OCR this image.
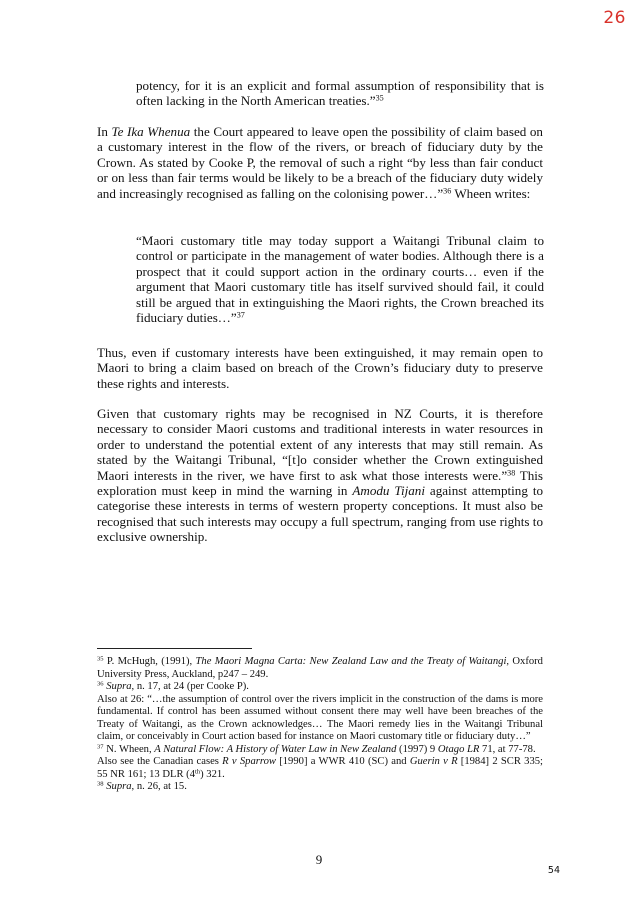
26

potency, for it is an explicit and formal assumption of responsibility that is often lacking in the North American treaties.”$^{35}$

In Te Ika Whenua the Court appeared to leave open the possibility of claim based on a customary interest in the flow of the rivers, or breach of fiduciary duty by the Crown. As stated by Cooke P, the removal of such a right “by less than fair conduct or on less than fair terms would be likely to be a breach of the fiduciary duty widely and increasingly recognised as falling on the colonising power…”$^{36}$ Wheen writes:

“Maori customary title may today support a Waitangi Tribunal claim to control or participate in the management of water bodies. Although there is a prospect that it could support action in the ordinary courts… even if the argument that Maori customary title has itself survived should fail, it could still be argued that in extinguishing the Maori rights, the Crown breached its fiduciary duties…”$^{37}$

Thus, even if customary interests have been extinguished, it may remain open to Maori to bring a claim based on breach of the Crown’s fiduciary duty to preserve these rights and interests.

Given that customary rights may be recognised in NZ Courts, it is therefore necessary to consider Maori customs and traditional interests in water resources in order to understand the potential extent of any interests that may still remain. As stated by the Waitangi Tribunal, “[t]o consider whether the Crown extinguished Maori interests in the river, we have first to ask what those interests were.”$^{38}$ This exploration must keep in mind the warning in Amodu Tijani against attempting to categorise these interests in terms of western property conceptions. It must also be recognised that such interests may occupy a full spectrum, ranging from use rights to exclusive ownership.

$^{35}$ P. McHugh, (1991), The Maori Magna Carta: New Zealand Law and the Treaty of Waitangi, Oxford University Press, Auckland, p247 – 249.

$^{36}$ Supra, n. 17, at 24 (per Cooke P).

Also at 26: “…the assumption of control over the rivers implicit in the construction of the dams is more fundamental. If control has been assumed without consent there may well have been breaches of the Treaty of Waitangi, as the Crown acknowledges… The Maori remedy lies in the Waitangi Tribunal claim, or conceivably in Court action based for instance on Maori customary title or fiduciary duty…”

$^{37}$ N. Wheen, A Natural Flow: A History of Water Law in New Zealand (1997) 9 Otago LR 71, at 77-78.

Also see the Canadian cases R v Sparrow [1990] a WWR 410 (SC) and Guerin v R [1984] 2 SCR 335; 55 NR 161; 13 DLR (4th) 321.

$^{38}$ Supra, n. 26, at 15.

9
54
